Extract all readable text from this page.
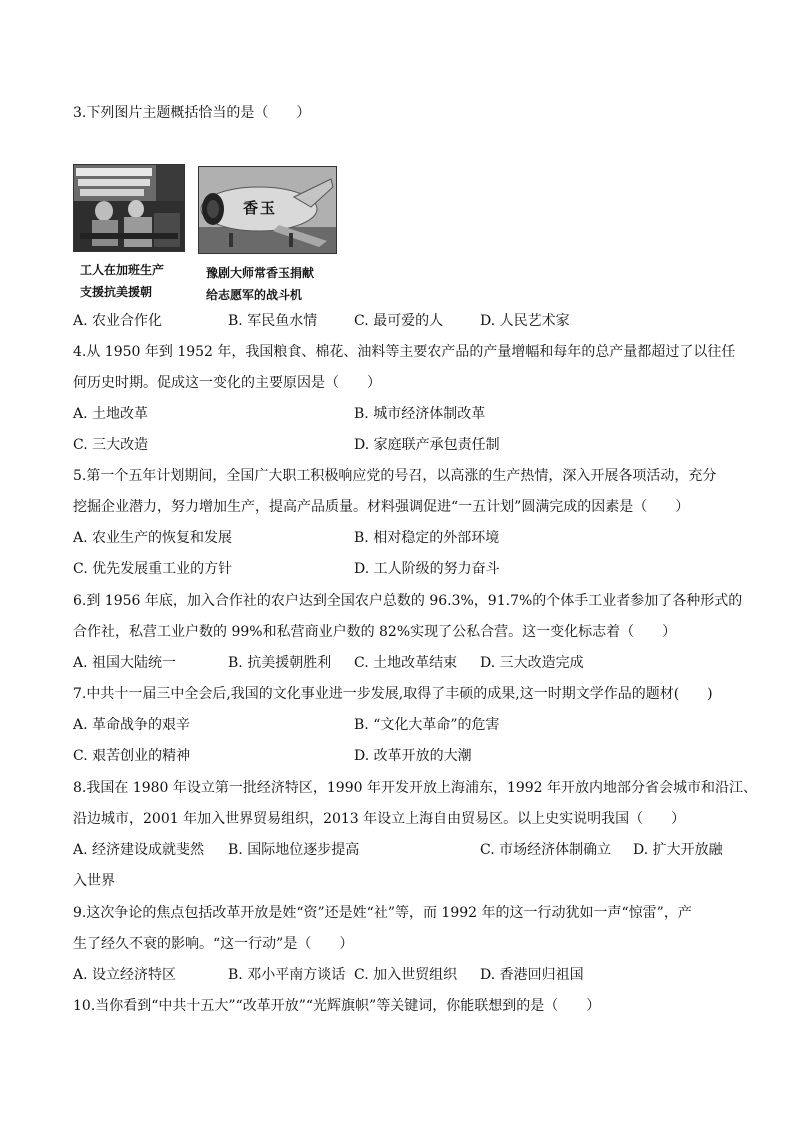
3.下列图片主题概括恰当的是（　　）
工人在加班生产
支援抗美援朝
香玉
豫剧大师常香玉捐献
给志愿军的战斗机
A. 农业合作化	B. 军民鱼水情	C. 最可爱的人	D. 人民艺术家
4.从 1950 年到 1952 年，我国粮食、棉花、油料等主要农产品的产量增幅和每年的总产量都超过了以往任
何历史时期。促成这一变化的主要原因是（　　）
A. 土地改革	B. 城市经济体制改革
C. 三大改造	D. 家庭联产承包责任制
5.第一个五年计划期间，全国广大职工积极响应党的号召，以高涨的生产热情，深入开展各项活动，充分
挖掘企业潜力，努力增加生产，提高产品质量。材料强调促进“一五计划”圆满完成的因素是（　　）
A. 农业生产的恢复和发展	B. 相对稳定的外部环境
C. 优先发展重工业的方针	D. 工人阶级的努力奋斗
6.到 1956 年底，加入合作社的农户达到全国农户总数的 96.3%，91.7%的个体手工业者参加了各种形式的
合作社，私营工业户数的 99%和私营商业户数的 82%实现了公私合营。这一变化标志着（　　）
A. 祖国大陆统一	B. 抗美援朝胜利 C. 土地改革结束 D. 三大改造完成
7.中共十一届三中全会后,我国的文化事业进一步发展,取得了丰硕的成果,这一时期文学作品的题材(　　)
A. 革命战争的艰辛	B. “文化大革命”的危害
C. 艰苦创业的精神	D. 改革开放的大潮
8.我国在 1980 年设立第一批经济特区，1990 年开发开放上海浦东，1992 年开放内地部分省会城市和沿江、
沿边城市，2001 年加入世界贸易组织，2013 年设立上海自由贸易区。以上史实说明我国（　　）
A. 经济建设成就斐然 B. 国际地位逐步提高	C. 市场经济体制确立 D. 扩大开放融
入世界
9.这次争论的焦点包括改革开放是姓“资”还是姓“社”等，而 1992 年的这一行动犹如一声“惊雷”，产
生了经久不衰的影响。“这一行动”是（　　）
A. 设立经济特区	B. 邓小平南方谈话 C. 加入世贸组织 D. 香港回归祖国
10.当你看到“中共十五大”“改革开放”“光辉旗帜”等关键词，你能联想到的是（　　）
